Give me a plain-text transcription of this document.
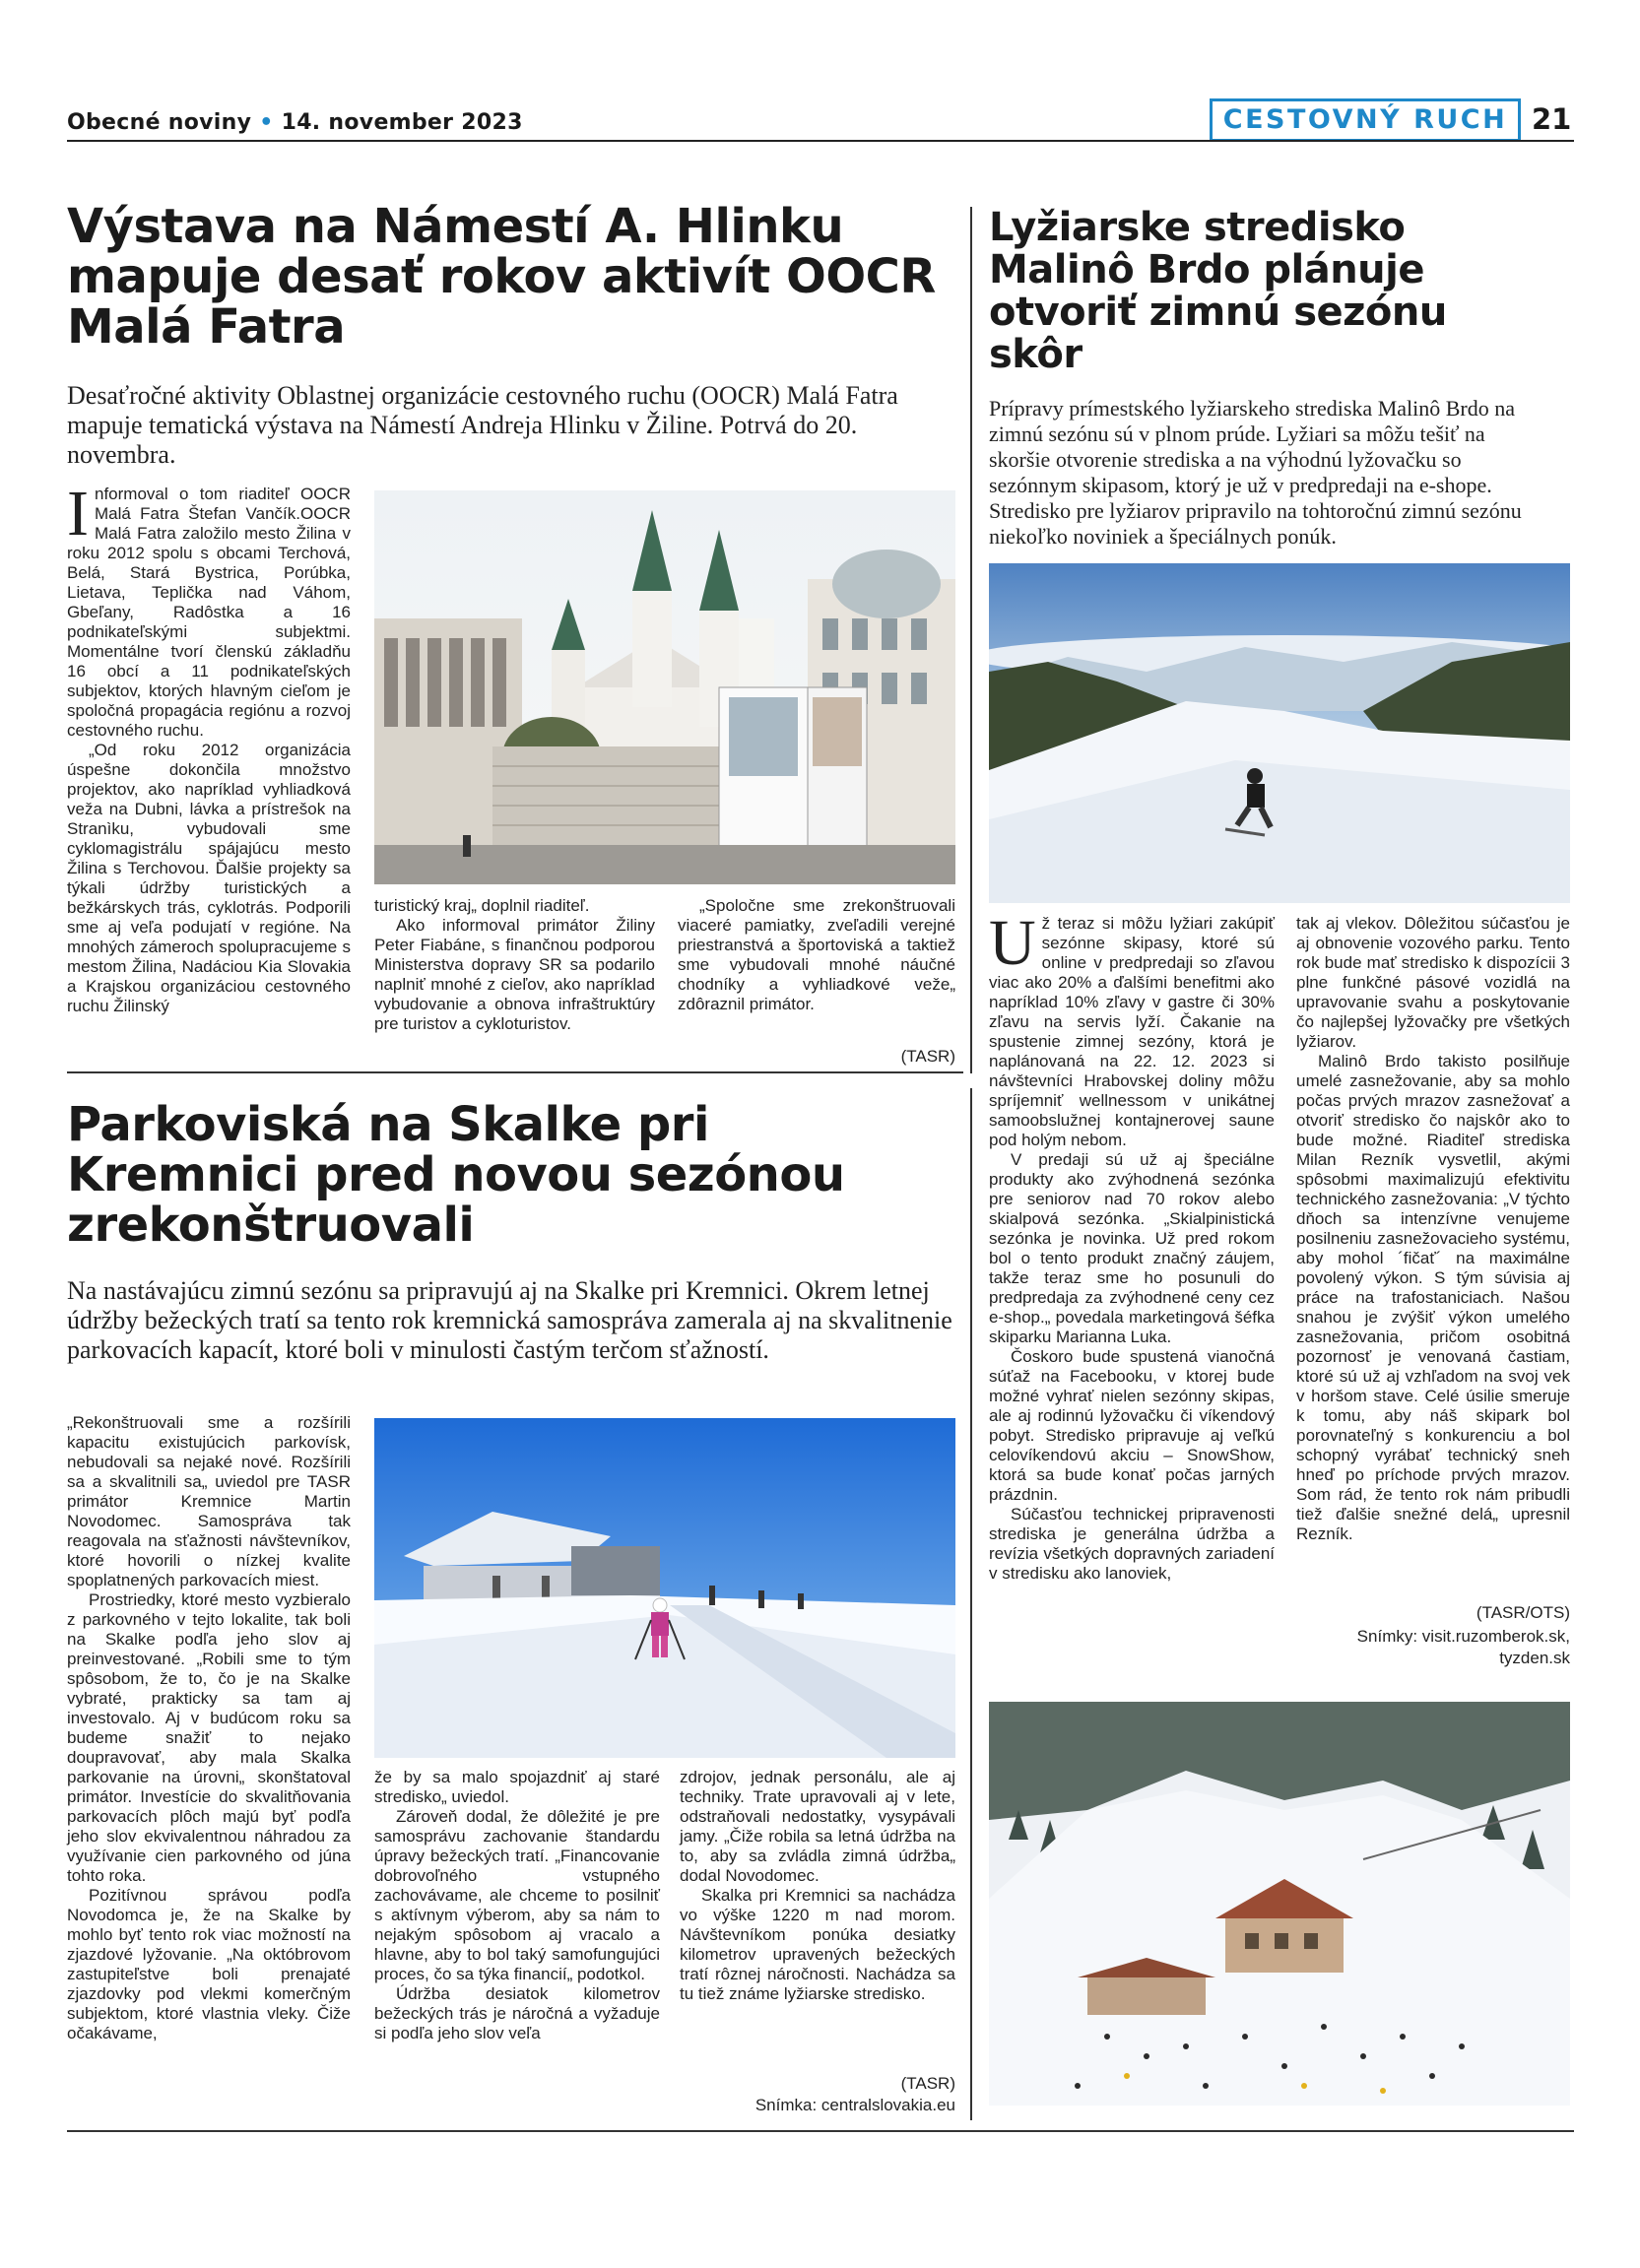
Obecné noviny • 14. november 2023	CESTOVNÝ RUCH 21
Výstava na Námestí A. Hlinku mapuje desať rokov aktivít OOCR Malá Fatra
Desaťročné aktivity Oblastnej organizácie cestovného ruchu (OOCR) Malá Fatra mapuje tematická výstava na Námestí Andreja Hlinku v Žiline. Potrvá do 20. novembra.

Informoval o tom riaditeľ OOCR Malá Fatra Štefan Vančík.OOCR Malá Fatra založilo mesto Žilina v roku 2012 spolu s obcami Terchová, Belá, Stará Bystrica, Porúbka, Lietava, Teplička nad Váhom, Gbeľany, Radôstka a 16 podnikateľskými subjektmi. Momentálne tvorí členskú základňu 16 obcí a 11 podnikateľských subjektov, ktorých hlavným cieľom je spoločná propagácia regiónu a rozvoj cestovného ruchu.

„Od roku 2012 organizácia úspešne dokončila množstvo projektov, ako napríklad vyhliadková veža na Dubni, lávka a prístrešok na Stranìku, vybudovali sme cyklomagistrálu spájajúcu mesto Žilina s Terchovou. Ďalšie projekty sa týkali údržby turistických a bežkárskych trás, cyklotrás. Podporili sme aj veľa podujatí v regióne. Na mnohých zámeroch spolupracujeme s mestom Žilina, Nadáciou Kia Slovakia a Krajskou organizáciou cestovného ruchu Žilinský

turistický kraj„ doplnil riaditeľ.

Ako informoval primátor Žiliny Peter Fiabáne, s finančnou podporou Ministerstva dopravy SR sa podarilo naplniť mnohé z cieľov, ako napríklad vybudovanie a obnova infraštruktúry pre turistov a cykloturistov.

„Spoločne sme zrekonštruovali viaceré pamiatky, zveľadili verejné priestranstvá a športoviská a taktiež sme vybudovali mnohé náučné chodníky a vyhliadkové veže„ zdôraznil primátor.

(TASR)
Lyžiarske stredisko Malinô Brdo plánuje otvoriť zimnú sezónu skôr
Prípravy prímestského lyžiarskeho strediska Malinô Brdo na zimnú sezónu sú v plnom prúde. Lyžiari sa môžu tešiť na skoršie otvorenie strediska a na výhodnú lyžovačku so sezónnym skipasom, ktorý je už v predpredaji na e-shope. Stredisko pre lyžiarov pripravilo na tohtoročnú zimnú sezónu niekoľko noviniek a špeciálnych ponúk.

Už teraz si môžu lyžiari zakúpiť sezónne skipasy, ktoré sú online v predpredaji so zľavou viac ako 20% a ďalšími benefitmi ako napríklad 10% zľavy v gastre či 30% zľavu na servis lyží. Čakanie na spustenie zimnej sezóny, ktorá je naplánovaná na 22. 12. 2023 si návštevníci Hrabovskej doliny môžu spríjemniť wellnessom v unikátnej samoobslužnej kontajnerovej saune pod holým nebom.

V predaji sú už aj špeciálne produkty ako zvýhodnená sezónka pre seniorov nad 70 rokov alebo skialpová sezónka. „Skialpinistická sezónka je novinka. Už pred rokom bol o tento produkt značný záujem, takže teraz sme ho posunuli do predpredaja za zvýhodnené ceny cez e-shop.„ povedala marketingová šéfka skiparku Marianna Luka.

Čoskoro bude spustená vianočná súťaž na Facebooku, v ktorej bude možné vyhrať nielen sezónny skipas, ale aj rodinnú lyžovačku či víkendový pobyt. Stredisko pripravuje aj veľkú celovíkendovú akciu – SnowShow, ktorá sa bude konať počas jarných prázdnin.

Súčasťou technickej pripravenosti strediska je generálna údržba a revízia všetkých dopravných zariadení v stredisku ako lanoviek,

tak aj vlekov. Dôležitou súčasťou je aj obnovenie vozového parku. Tento rok bude mať stredisko k dispozícii 3 plne funkčné pásové vozidlá na upravovanie svahu a poskytovanie čo najlepšej lyžovačky pre všetkých lyžiarov.

Malinô Brdo takisto posilňuje umelé zasnežovanie, aby sa mohlo počas prvých mrazov zasnežovať a otvoriť stredisko čo najskôr ako to bude možné. Riaditeľ strediska Milan Rezník vysvetlil, akými spôsobmi maximalizujú efektivitu technického zasnežovania: „V týchto dňoch sa intenzívne venujeme posilneniu zasnežovacieho systému, aby mohol ´fičať´ na maximálne povolený výkon. S tým súvisia aj práce na trafostaniciach. Našou snahou je zvýšiť výkon umelého zasnežovania, pričom osobitná pozornosť je venovaná častiam, ktoré sú už aj vzhľadom na svoj vek v horšom stave. Celé úsilie smeruje k tomu, aby náš skipark bol porovnateľný s konkurenciu a bol schopný vyrábať technický sneh hneď po príchode prvých mrazov. Som rád, že tento rok nám pribudli tiež ďalšie snežné delá„ upresnil Rezník.

(TASR/OTS)
Snímky: visit.ruzomberok.sk,
tyzden.sk
Parkoviská na Skalke pri Kremnici pred novou sezónou zrekonštruovali
Na nastávajúcu zimnú sezónu sa pripravujú aj na Skalke pri Kremnici. Okrem letnej údržby bežeckých tratí sa tento rok kremnická samospráva zamerala aj na skvalitnenie parkovacích kapacít, ktoré boli v minulosti častým terčom sťažností.

„Rekonštruovali sme a rozšírili kapacitu existujúcich parkovísk, nebudovali sa nejaké nové. Rozšírili sa a skvalitnili sa„ uviedol pre TASR primátor Kremnice Martin Novodomec. Samospráva tak reagovala na sťažnosti návštevníkov, ktoré hovorili o nízkej kvalite spoplatnených parkovacích miest.

Prostriedky, ktoré mesto vyzbieralo z parkovného v tejto lokalite, tak boli na Skalke podľa jeho slov aj preinvestované. „Robili sme to tým spôsobom, že to, čo je na Skalke vybraté, prakticky sa tam aj investovalo. Aj v budúcom roku sa budeme snažiť to nejako doupravovať, aby mala Skalka parkovanie na úrovni„ skonštatoval primátor. Investície do skvalitňovania parkovacích plôch majú byť podľa jeho slov ekvivalentnou náhradou za využívanie cien parkovného od júna tohto roka.

Pozitívnou správou podľa Novodomca je, že na Skalke by mohlo byť tento rok viac možností na zjazdové lyžovanie. „Na októbrovom zastupiteľstve boli prenajaté zjazdovky pod vlekmi komerčným subjektom, ktoré vlastnia vleky. Čiže očakávame,

že by sa malo spojazdniť aj staré stredisko„ uviedol.

Zároveň dodal, že dôležité je pre samosprávu zachovanie štandardu úpravy bežeckých tratí. „Financovanie dobrovoľného vstupného zachovávame, ale chceme to posilniť s aktívnym výberom, aby sa nám to nejakým spôsobom aj vracalo a hlavne, aby to bol taký samofungujúci proces, čo sa týka financií„ podotkol.

Údržba desiatok kilometrov bežeckých trás je náročná a vyžaduje si podľa jeho slov veľa

zdrojov, jednak personálu, ale aj techniky. Trate upravovali aj v lete, odstraňovali nedostatky, vysypávali jamy. „Čiže robila sa letná údržba na to, aby sa zvládla zimná údržba„ dodal Novodomec.

Skalka pri Kremnici sa nachádza vo výške 1220 m nad morom. Návštevníkom ponúka desiatky kilometrov upravených bežeckých tratí rôznej náročnosti. Nachádza sa tu tiež známe lyžiarske stredisko.

(TASR)
Snímka: centralslovakia.eu
